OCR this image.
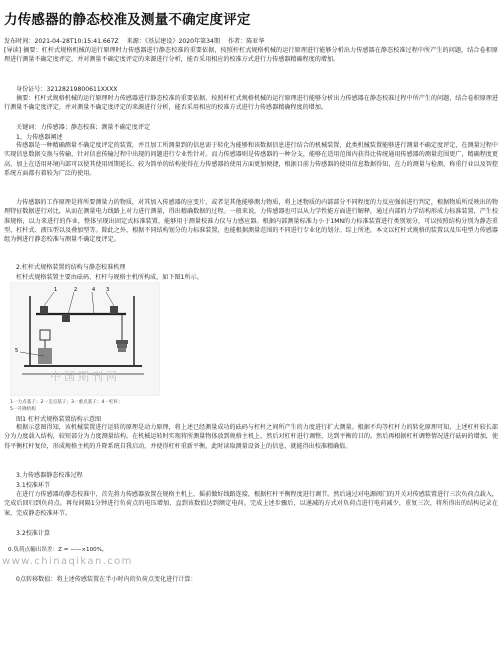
力传感器的静态校准及测量不确定度评定
发布时间：2021-04-28T10:15:41.667Z 来源：《基层建设》2020年第34期 作者：陈亚华
[导读] 摘要：杠杆式规格机械的运行原理时力传感器进行静态校准的重要依据，按照杆杠式规格机械的运行原理进行能够分析出力传感器在静态校准过程中所产生的问题，结合卷积原理进行测量不确定度评定，并对测量不确定度评定的来源进行分析，能否采用相应的校准方式进行力传感器精确程度的增加。
身份证号：32128219800611XXXX
摘要：杠杆式规格机械的运行原理时力传感器进行静态校准的重要依据，按照杆杠式规格机械的运行原理进行能够分析出力传感器在静态校准过程中所产生的问题，结合卷积原理进行测量不确定度评定，并对测量不确定度评定的来源进行分析，能否采用相应的校准方式进行力传感器精确程度的增加。
关键词：力传感器；静态校准；测量不确定度评定
1、力传感器阐述
传感器是一种精确测量不确定度评定的装置，并且加工所测量到的信息需于转化为能够和该数据信息进行结合的机械装置，此类机械装置能够进行测量不确定度评定，在测量过程中实现信息数据交换与传输，针对信息传输过程中出现的问题进行专业性针对。而力传感器则是传感器的一种分支，能够在适用范围内获得比传统通用传感器的测量范围更广，精确程度更高，加上在适用环境内部可以使其使用周期延长，较为简单的结构使得在力传感器的使用方面更加便捷，根据目前力传感器的使用信息数据得知，在力的测量与检测、称重行业以及智控系统方面都有着较为广泛的使用。
力传感器的工作原理是将所要测量力的物质，对其加入传感器的应变片，或者是其他能够测力物质，将上述物质的内部部分不同程度的力反应强弱进行判定，根据物质所反映出的物理特征数据进行对比，从而在测量电力线路上对力进行测量，得出精确数据的过程。一般来说，力传感器也可以从力学性能方面进行解释，通过内部的力学结构形成力标准装置，产生校准规格，以力来进行的作业，整体呈现出固定式标准装置，能够用于测量校准力仪与力感应器。根据内部测量标准力小于1MN的力标准装置进行类别划分，可以按照结构分别为静态重型、杠杆式、液压型以及叠加型等。除此之外，根据不同结构划分的力标准装置，也能根据测量范围的不同进行专业化的划分。综上所述，本文以杠杆式规格的装置以及压电型力传感器组为例进行静态校准与测量不确定度评定。
2.杠杆式规格装置的结构与静态校准机理
杠杆式规格装置主要由砝码、杠杆与规格主机所构成，如下图1所示。
1	2	3
4
5
中国期刊网
1一力点基子；2一支点基子；3一重点基子；4一杠杆；
5一升降机构
图1 杠杆式规格装置结构示意图
根据示意图得知，该机械装置进行运转的原理是动力原理，将上述已经测量成功的砝码与杠杆之间所产生的力度进行扩大测量。根据不均等杠杆力的转化原理可知，上述杠杆较长部分为力度载入结构，较短部分为力度测量结构。在机械运转时实现将所测量物体放到规格主机上，然后对杠杆进行调整，达到平衡的目的。然后再根据杠杆调整情况进行砝码的增加，使得平衡杠杆复位，形成规格主机的升降系统自我启动，并使得杠杆重新平衡，此时读取测量设备上的信息，就能得出校准精确值。
3.力传感器静态校准过程
3.1校准环节
在进行力传感器的静态校准中，首先将力传感器放置在规格主机上，摇前做好线路连接，根据杠杆平衡程度进行调节。然后通过对电源阀门的开关对传感装置进行三次负荷点载入，完成后回归到负荷点。再每间隔1分钟进行负荷点的电压增加，直到该数值达到额定电荷。完成上述步骤后，以递减的方式对负荷点进行电荷减少，重复三次，将所得出的结构记录在案，完成静态校准环节。
3.2校准计算
0.负荷点輸出误差：Z = ——×100%，
www.chinaqikan.com
0点转移数值：将上述传感装置在半小时内的负荷点变化进行计算：
